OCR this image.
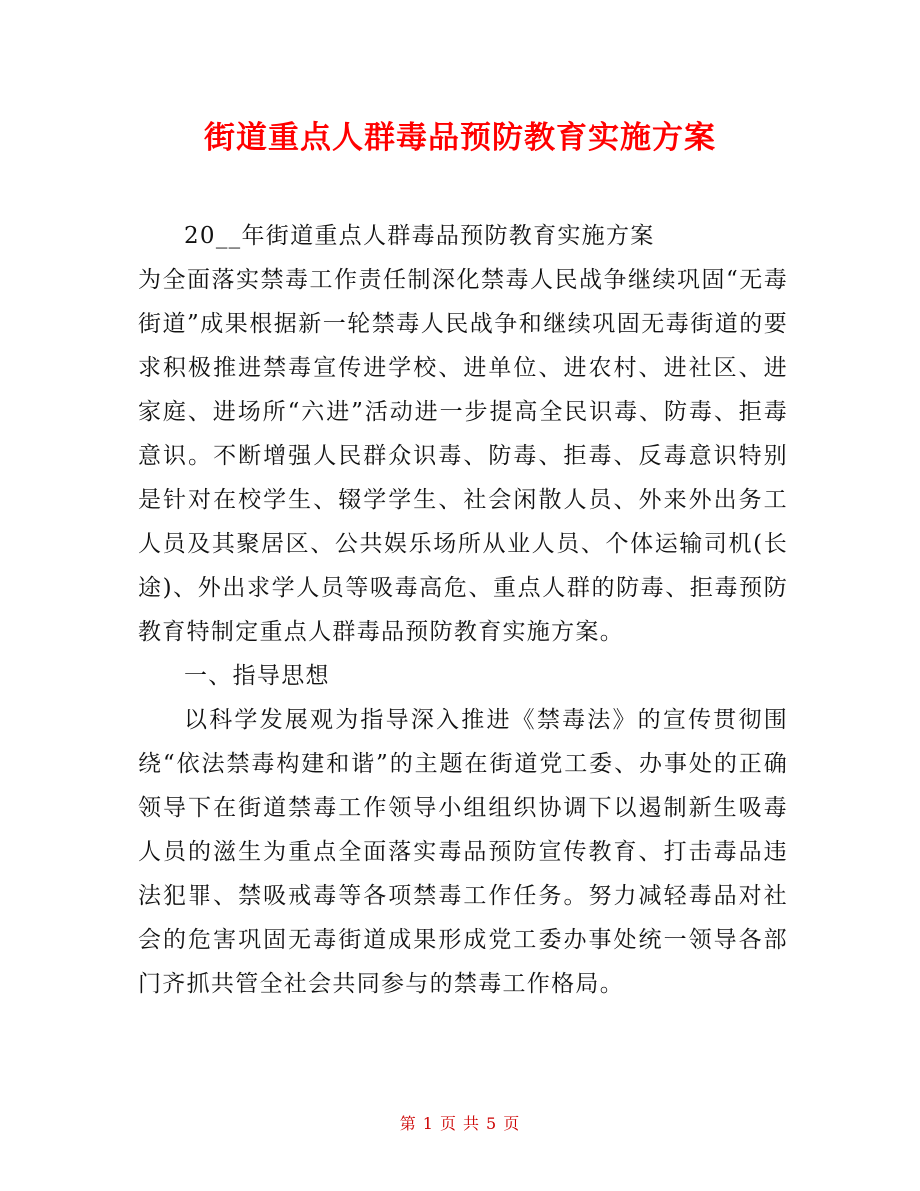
街道重点人群毒品预防教育实施方案

20__年街道重点人群毒品预防教育实施方案

为全面落实禁毒工作责任制深化禁毒人民战争继续巩固“无毒街道”成果根据新一轮禁毒人民战争和继续巩固无毒街道的要求积极推进禁毒宣传进学校、进单位、进农村、进社区、进家庭、进场所“六进”活动进一步提高全民识毒、防毒、拒毒意识。不断增强人民群众识毒、防毒、拒毒、反毒意识特别是针对在校学生、辍学学生、社会闲散人员、外来外出务工人员及其聚居区、公共娱乐场所从业人员、个体运输司机(长途)、外出求学人员等吸毒高危、重点人群的防毒、拒毒预防教育特制定重点人群毒品预防教育实施方案。

一、指导思想

以科学发展观为指导深入推进《禁毒法》的宣传贯彻围绕“依法禁毒构建和谐”的主题在街道党工委、办事处的正确领导下在街道禁毒工作领导小组组织协调下以遏制新生吸毒人员的滋生为重点全面落实毒品预防宣传教育、打击毒品违法犯罪、禁吸戒毒等各项禁毒工作任务。努力减轻毒品对社会的危害巩固无毒街道成果形成党工委办事处统一领导各部门齐抓共管全社会共同参与的禁毒工作格局。

第 1 页 共 5 页
